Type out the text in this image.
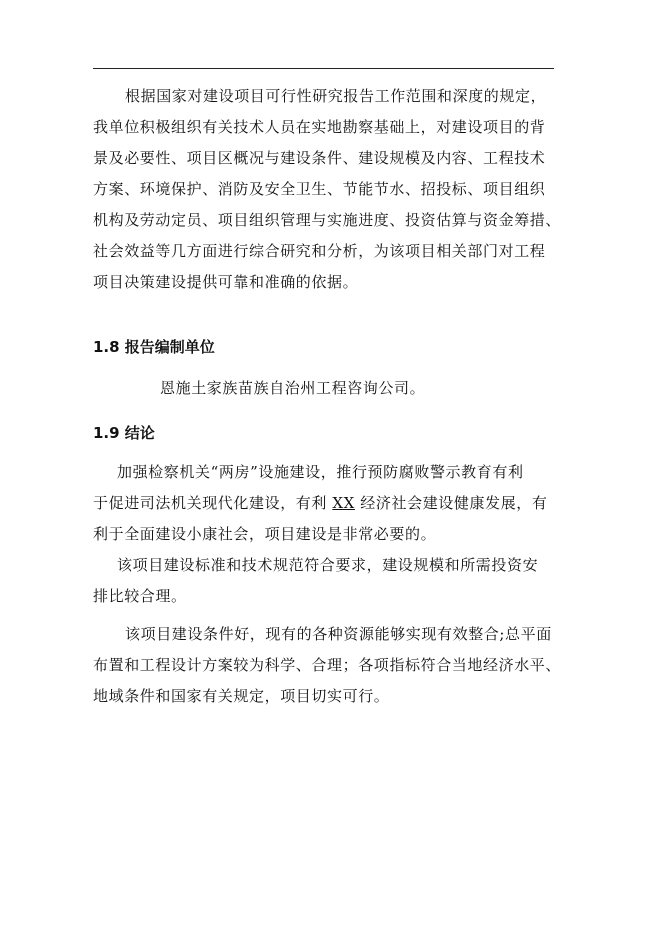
根据国家对建设项目可行性研究报告工作范围和深度的规定，
我单位积极组织有关技术人员在实地勘察基础上，对建设项目的背
景及必要性、项目区概况与建设条件、建设规模及内容、工程技术
方案、环境保护、消防及安全卫生、节能节水、招投标、项目组织
机构及劳动定员、项目组织管理与实施进度、投资估算与资金筹措、
社会效益等几方面进行综合研究和分析，为该项目相关部门对工程
项目决策建设提供可靠和准确的依据。
1.8 报告编制单位
恩施土家族苗族自治州工程咨询公司。
1.9 结论
加强检察机关“两房”设施建设，推行预防腐败警示教育有利
于促进司法机关现代化建设，有利 XX 经济社会建设健康发展，有
利于全面建设小康社会，项目建设是非常必要的。
该项目建设标准和技术规范符合要求，建设规模和所需投资安
排比较合理。
该项目建设条件好，现有的各种资源能够实现有效整合;总平面
布置和工程设计方案较为科学、合理；各项指标符合当地经济水平、
地域条件和国家有关规定，项目切实可行。
